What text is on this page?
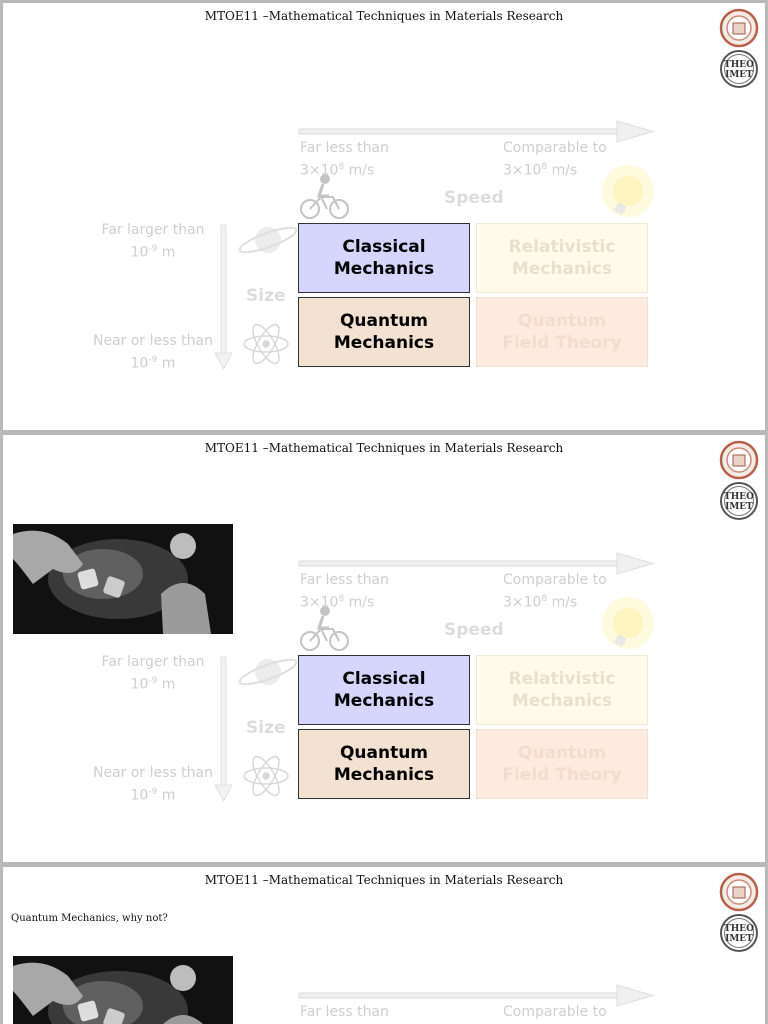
MTOE11 –Mathematical Techniques in Materials Research
THEO
IMET
Far less than
$3\times 10^8$ m/s
Comparable to
$3\times 10^8$ m/s
Speed
Far larger than
$10^{-9}$ m
Near or less than
$10^{-9}$ m
Size
Classical
Mechanics
Relativistic
Mechanics
Quantum
Mechanics
Quantum
Field Theory
MTOE11 –Mathematical Techniques in Materials Research
THEO
IMET
Far less than
$3\times 10^8$ m/s
Comparable to
$3\times 10^8$ m/s
Speed
Far larger than
$10^{-9}$ m
Near or less than
$10^{-9}$ m
Size
Classical
Mechanics
Relativistic
Mechanics
Quantum
Mechanics
Quantum
Field Theory
MTOE11 –Mathematical Techniques in Materials Research
THEO
IMET
Quantum Mechanics, why not?
Far less than	Comparable to
